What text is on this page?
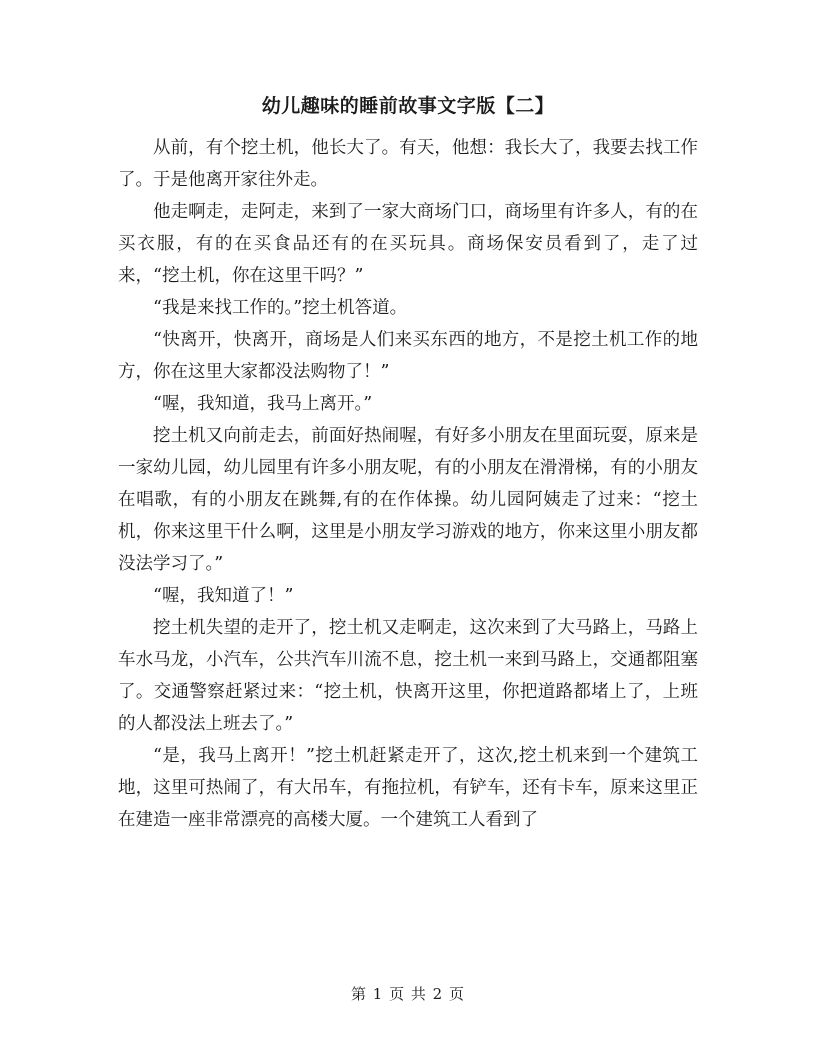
幼儿趣味的睡前故事文字版【二】

从前，有个挖土机，他长大了。有天，他想：我长大了，我要去找工作了。于是他离开家往外走。

他走啊走，走阿走，来到了一家大商场门口，商场里有许多人，有的在买衣服，有的在买食品还有的在买玩具。商场保安员看到了，走了过来，“挖土机，你在这里干吗？”

“我是来找工作的。”挖土机答道。

“快离开，快离开，商场是人们来买东西的地方，不是挖土机工作的地方，你在这里大家都没法购物了！”

“喔，我知道，我马上离开。”

挖土机又向前走去，前面好热闹喔，有好多小朋友在里面玩耍，原来是一家幼儿园，幼儿园里有许多小朋友呢，有的小朋友在滑滑梯，有的小朋友在唱歌，有的小朋友在跳舞,有的在作体操。幼儿园阿姨走了过来：“挖土机，你来这里干什么啊，这里是小朋友学习游戏的地方，你来这里小朋友都没法学习了。”

“喔，我知道了！”

挖土机失望的走开了，挖土机又走啊走，这次来到了大马路上，马路上车水马龙，小汽车，公共汽车川流不息，挖土机一来到马路上，交通都阻塞了。交通警察赶紧过来：“挖土机，快离开这里，你把道路都堵上了，上班的人都没法上班去了。”

“是，我马上离开！”挖土机赶紧走开了，这次,挖土机来到一个建筑工地，这里可热闹了，有大吊车，有拖拉机，有铲车，还有卡车，原来这里正在建造一座非常漂亮的高楼大厦。一个建筑工人看到了

第 1 页 共 2 页
